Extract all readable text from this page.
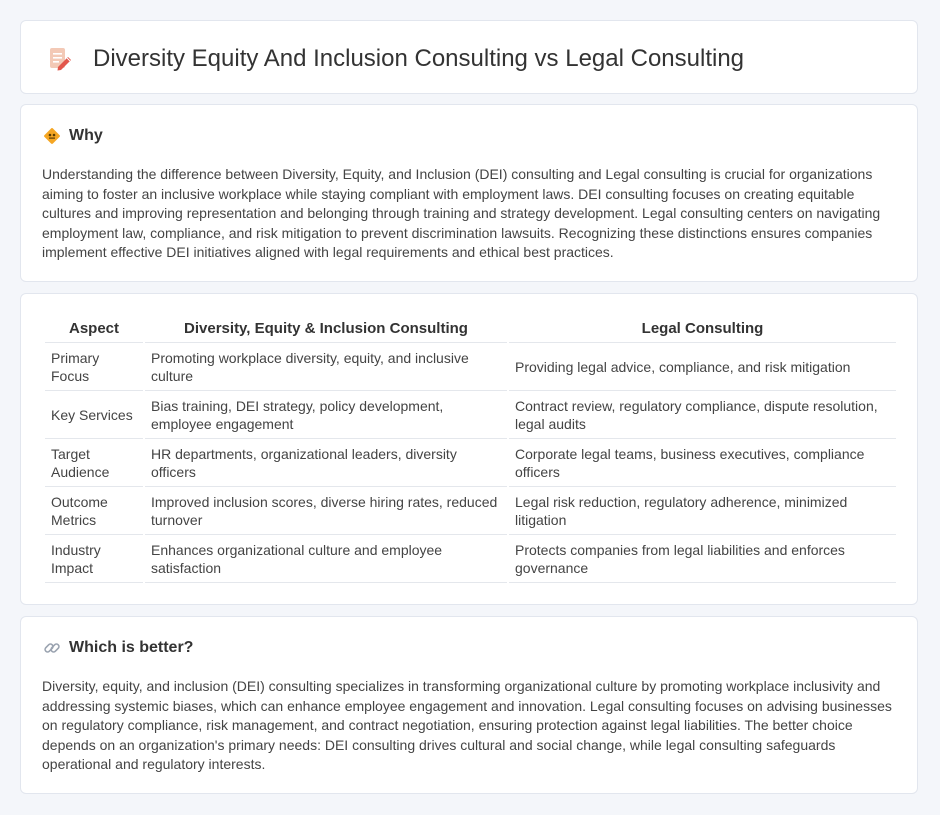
Diversity Equity And Inclusion Consulting vs Legal Consulting
Why

Understanding the difference between Diversity, Equity, and Inclusion (DEI) consulting and Legal consulting is crucial for organizations aiming to foster an inclusive workplace while staying compliant with employment laws. DEI consulting focuses on creating equitable cultures and improving representation and belonging through training and strategy development. Legal consulting centers on navigating employment law, compliance, and risk mitigation to prevent discrimination lawsuits. Recognizing these distinctions ensures companies implement effective DEI initiatives aligned with legal requirements and ethical best practices.

Aspect	Diversity, Equity & Inclusion Consulting	Legal Consulting
Primary Focus	Promoting workplace diversity, equity, and inclusive culture	Providing legal advice, compliance, and risk mitigation
Key Services	Bias training, DEI strategy, policy development, employee engagement	Contract review, regulatory compliance, dispute resolution, legal audits
Target Audience	HR departments, organizational leaders, diversity officers	Corporate legal teams, business executives, compliance officers
Outcome Metrics	Improved inclusion scores, diverse hiring rates, reduced turnover	Legal risk reduction, regulatory adherence, minimized litigation
Industry Impact	Enhances organizational culture and employee satisfaction	Protects companies from legal liabilities and enforces governance
Which is better?

Diversity, equity, and inclusion (DEI) consulting specializes in transforming organizational culture by promoting workplace inclusivity and addressing systemic biases, which can enhance employee engagement and innovation. Legal consulting focuses on advising businesses on regulatory compliance, risk management, and contract negotiation, ensuring protection against legal liabilities. The better choice depends on an organization's primary needs: DEI consulting drives cultural and social change, while legal consulting safeguards operational and regulatory interests.
